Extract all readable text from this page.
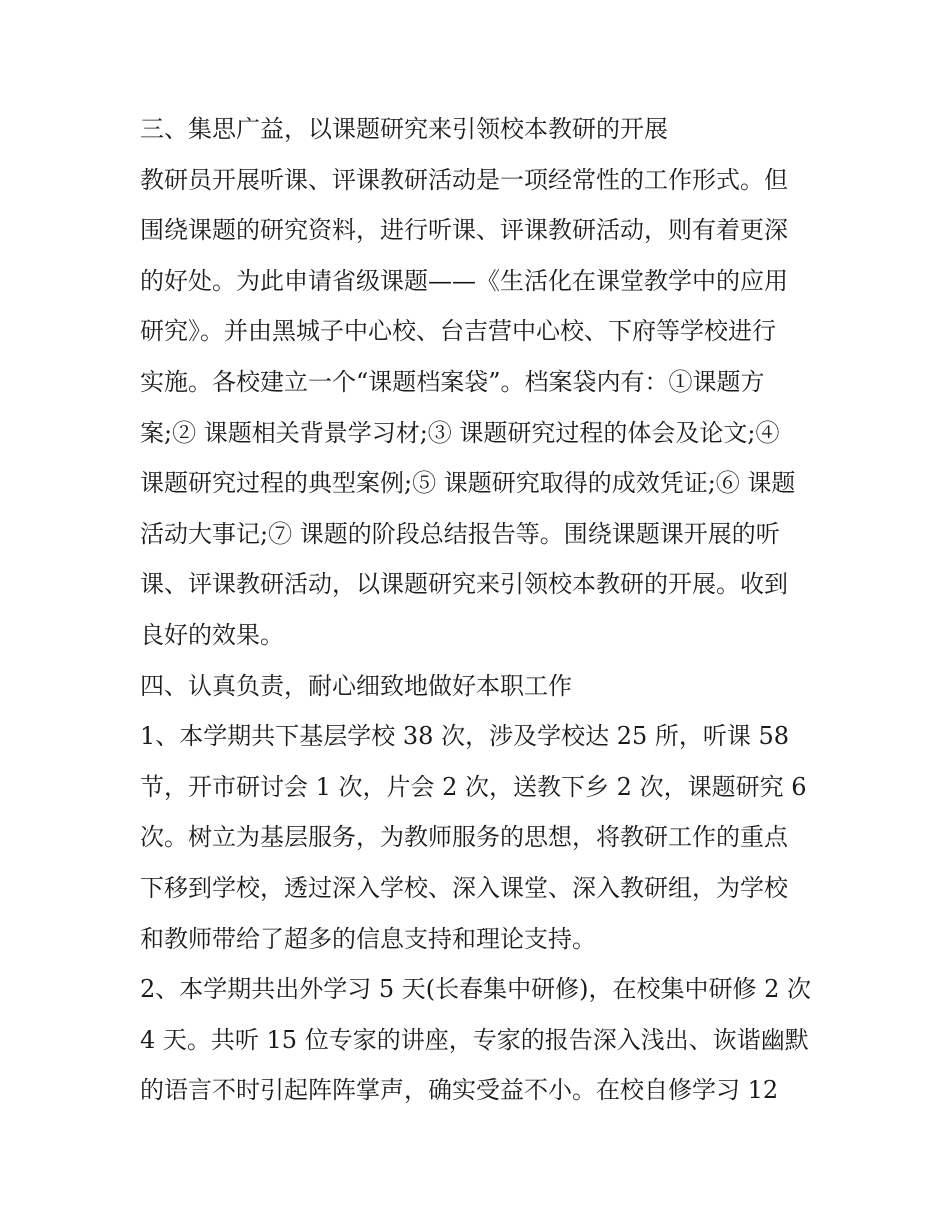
三、集思广益，以课题研究来引领校本教研的开展
教研员开展听课、评课教研活动是一项经常性的工作形式。但
围绕课题的研究资料，进行听课、评课教研活动，则有着更深
的好处。为此申请省级课题——《生活化在课堂教学中的应用
研究》。并由黑城子中心校、台吉营中心校、下府等学校进行
实施。各校建立一个“课题档案袋”。档案袋内有：①课题方
案;② 课题相关背景学习材;③ 课题研究过程的体会及论文;④
课题研究过程的典型案例;⑤ 课题研究取得的成效凭证;⑥ 课题
活动大事记;⑦ 课题的阶段总结报告等。围绕课题课开展的听
课、评课教研活动，以课题研究来引领校本教研的开展。收到
良好的效果。
四、认真负责，耐心细致地做好本职工作
1、本学期共下基层学校 38 次，涉及学校达 25 所，听课 58
节，开市研讨会 1 次，片会 2 次，送教下乡 2 次，课题研究 6
次。树立为基层服务，为教师服务的思想，将教研工作的重点
下移到学校，透过深入学校、深入课堂、深入教研组，为学校
和教师带给了超多的信息支持和理论支持。
2、本学期共出外学习 5 天(长春集中研修)，在校集中研修 2 次
4 天。共听 15 位专家的讲座，专家的报告深入浅出、诙谐幽默
的语言不时引起阵阵掌声，确实受益不小。在校自修学习 12
